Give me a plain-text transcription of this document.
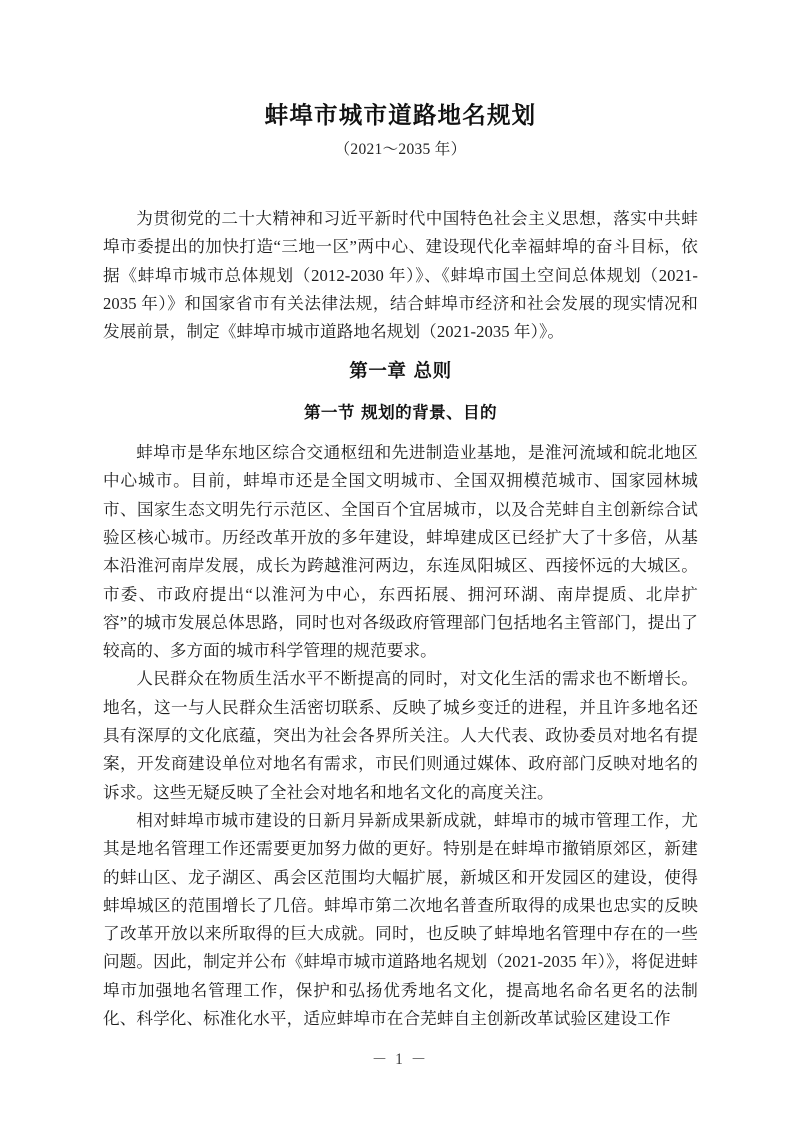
蚌埠市城市道路地名规划
（2021～2035 年）

为贯彻党的二十大精神和习近平新时代中国特色社会主义思想，落实中共蚌埠市委提出的加快打造“三地一区”两中心、建设现代化幸福蚌埠的奋斗目标，依据《蚌埠市城市总体规划（2012-2030 年）》、《蚌埠市国土空间总体规划（2021-2035 年）》和国家省市有关法律法规，结合蚌埠市经济和社会发展的现实情况和发展前景，制定《蚌埠市城市道路地名规划（2021-2035 年）》。

第一章 总则
第一节 规划的背景、目的

蚌埠市是华东地区综合交通枢纽和先进制造业基地，是淮河流域和皖北地区中心城市。目前，蚌埠市还是全国文明城市、全国双拥模范城市、国家园林城市、国家生态文明先行示范区、全国百个宜居城市，以及合芜蚌自主创新综合试验区核心城市。历经改革开放的多年建设，蚌埠建成区已经扩大了十多倍，从基本沿淮河南岸发展，成长为跨越淮河两边，东连凤阳城区、西接怀远的大城区。 市委、市政府提出“以淮河为中心，东西拓展、拥河环湖、南岸提质、北岸扩容”的城市发展总体思路，同时也对各级政府管理部门包括地名主管部门，提出了较高的、多方面的城市科学管理的规范要求。

人民群众在物质生活水平不断提高的同时，对文化生活的需求也不断增长。地名，这一与人民群众生活密切联系、反映了城乡变迁的进程，并且许多地名还具有深厚的文化底蕴，突出为社会各界所关注。人大代表、政协委员对地名有提案，开发商建设单位对地名有需求，市民们则通过媒体、政府部门反映对地名的诉求。这些无疑反映了全社会对地名和地名文化的高度关注。

相对蚌埠市城市建设的日新月异新成果新成就，蚌埠市的城市管理工作，尤其是地名管理工作还需要更加努力做的更好。特别是在蚌埠市撤销原郊区，新建的蚌山区、龙子湖区、禹会区范围均大幅扩展，新城区和开发园区的建设，使得蚌埠城区的范围增长了几倍。蚌埠市第二次地名普查所取得的成果也忠实的反映了改革开放以来所取得的巨大成就。同时，也反映了蚌埠地名管理中存在的一些问题。因此，制定并公布《蚌埠市城市道路地名规划（2021-2035 年）》，将促进蚌埠市加强地名管理工作，保护和弘扬优秀地名文化，提高地名命名更名的法制化、科学化、标准化水平，适应蚌埠市在合芜蚌自主创新改革试验区建设工作

－ 1 －
